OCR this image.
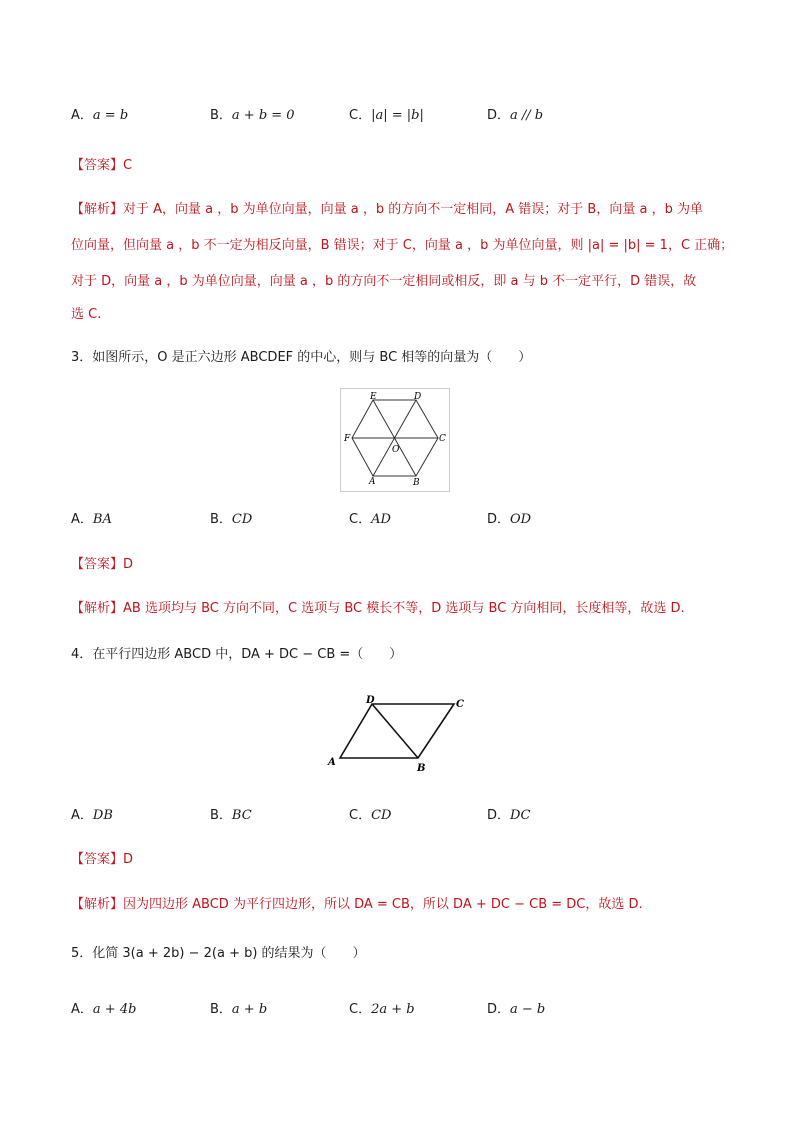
A．a = b	B．a + b = 0	C．|a| = |b|	D．a // b
【答案】C
【解析】对于 A，向量 a ，b 为单位向量，向量 a ，b 的方向不一定相同，A 错误；对于 B，向量 a ，b 为单
位向量，但向量 a ，b 不一定为相反向量，B 错误；对于 C，向量 a ，b 为单位向量，则 |a| = |b| = 1，C 正确；
对于 D，向量 a ，b 为单位向量，向量 a ，b 的方向不一定相同或相反，即 a 与 b 不一定平行，D 错误，故
选 C.
3．如图所示，O 是正六边形 ABCDEF 的中心，则与 BC 相等的向量为（　　）
E	D
F	C
O
A	B
A．BA	B．CD	C．AD	D．OD
【答案】D
【解析】AB 选项均与 BC 方向不同，C 选项与 BC 模长不等，D 选项与 BC 方向相同，长度相等，故选 D.
4．在平行四边形 ABCD 中，DA + DC − CB =（　　）
D	C
A
B
A．DB	B．BC	C．CD	D．DC
【答案】D
【解析】因为四边形 ABCD 为平行四边形，所以 DA = CB，所以 DA + DC − CB = DC，故选 D.
5．化简 3(a + 2b) − 2(a + b) 的结果为（　　）
A．a + 4b	B．a + b	C．2a + b	D．a − b
